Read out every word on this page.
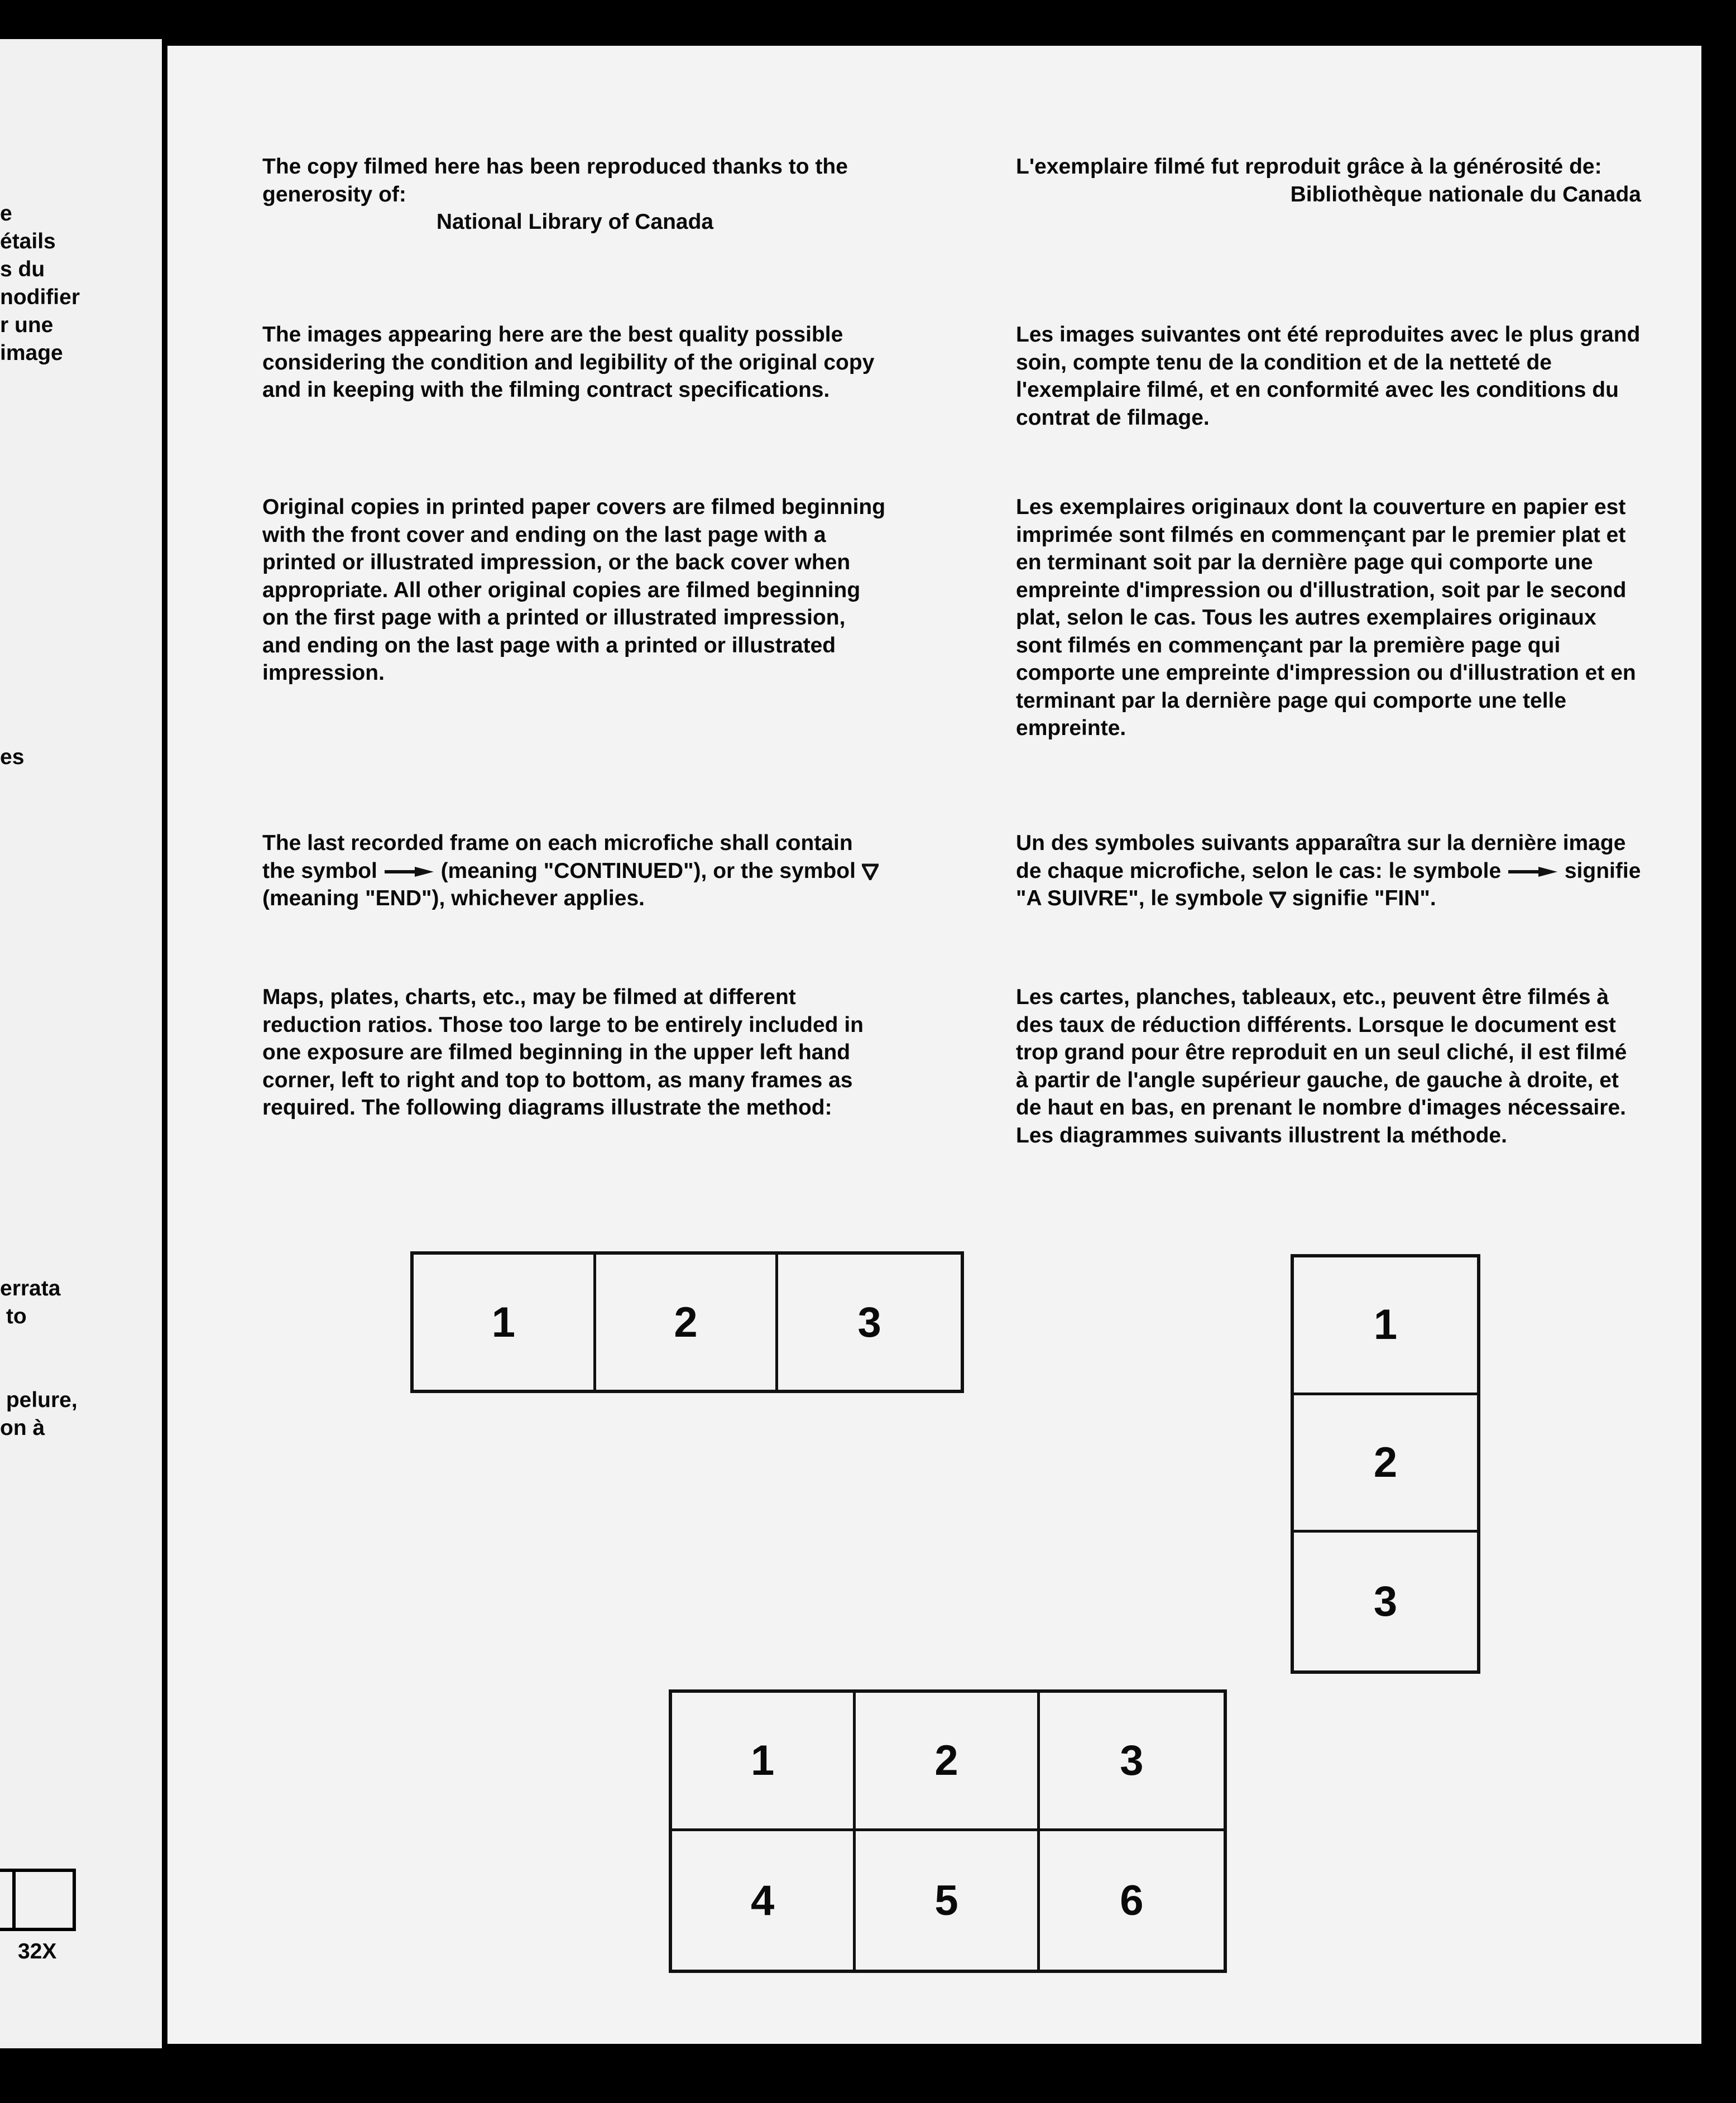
e
étails
s du
nodifier
r une
image
es
errata
to
pelure,
on à
32X

The copy filmed here has been reproduced thanks to the generosity of:

National Library of Canada

The images appearing here are the best quality possible considering the condition and legibility of the original copy and in keeping with the filming contract specifications.

Original copies in printed paper covers are filmed beginning with the front cover and ending on the last page with a printed or illustrated impression, or the back cover when appropriate. All other original copies are filmed beginning on the first page with a printed or illustrated impression, and ending on the last page with a printed or illustrated impression.

The last recorded frame on each microfiche shall contain the symbol	(meaning "CONTINUED"), or the symbol  (meaning "END"), whichever applies.

Maps, plates, charts, etc., may be filmed at different reduction ratios. Those too large to be entirely included in one exposure are filmed beginning in the upper left hand corner, left to right and top to bottom, as many frames as required. The following diagrams illustrate the method:

L'exemplaire filmé fut reproduit grâce à la générosité de:

Bibliothèque nationale du Canada

Les images suivantes ont été reproduites avec le plus grand soin, compte tenu de la condition et de la netteté de l'exemplaire filmé, et en conformité avec les conditions du contrat de filmage.

Les exemplaires originaux dont la couverture en papier est imprimée sont filmés en commençant par le premier plat et en terminant soit par la dernière page qui comporte une empreinte d'impression ou d'illustration, soit par le second plat, selon le cas. Tous les autres exemplaires originaux sont filmés en commençant par la première page qui comporte une empreinte d'impression ou d'illustration et en terminant par la dernière page qui comporte une telle empreinte.

Un des symboles suivants apparaîtra sur la dernière image de chaque microfiche, selon le cas: le symbole	signifie "A SUIVRE", le symbole signifie "FIN".

Les cartes, planches, tableaux, etc., peuvent être filmés à des taux de réduction différents. Lorsque le document est trop grand pour être reproduit en un seul cliché, il est filmé à partir de l'angle supérieur gauche, de gauche à droite, et de haut en bas, en prenant le nombre d'images nécessaire. Les diagrammes suivants illustrent la méthode.

1	2	3	1
2
3
1	2	3
4	5	6
